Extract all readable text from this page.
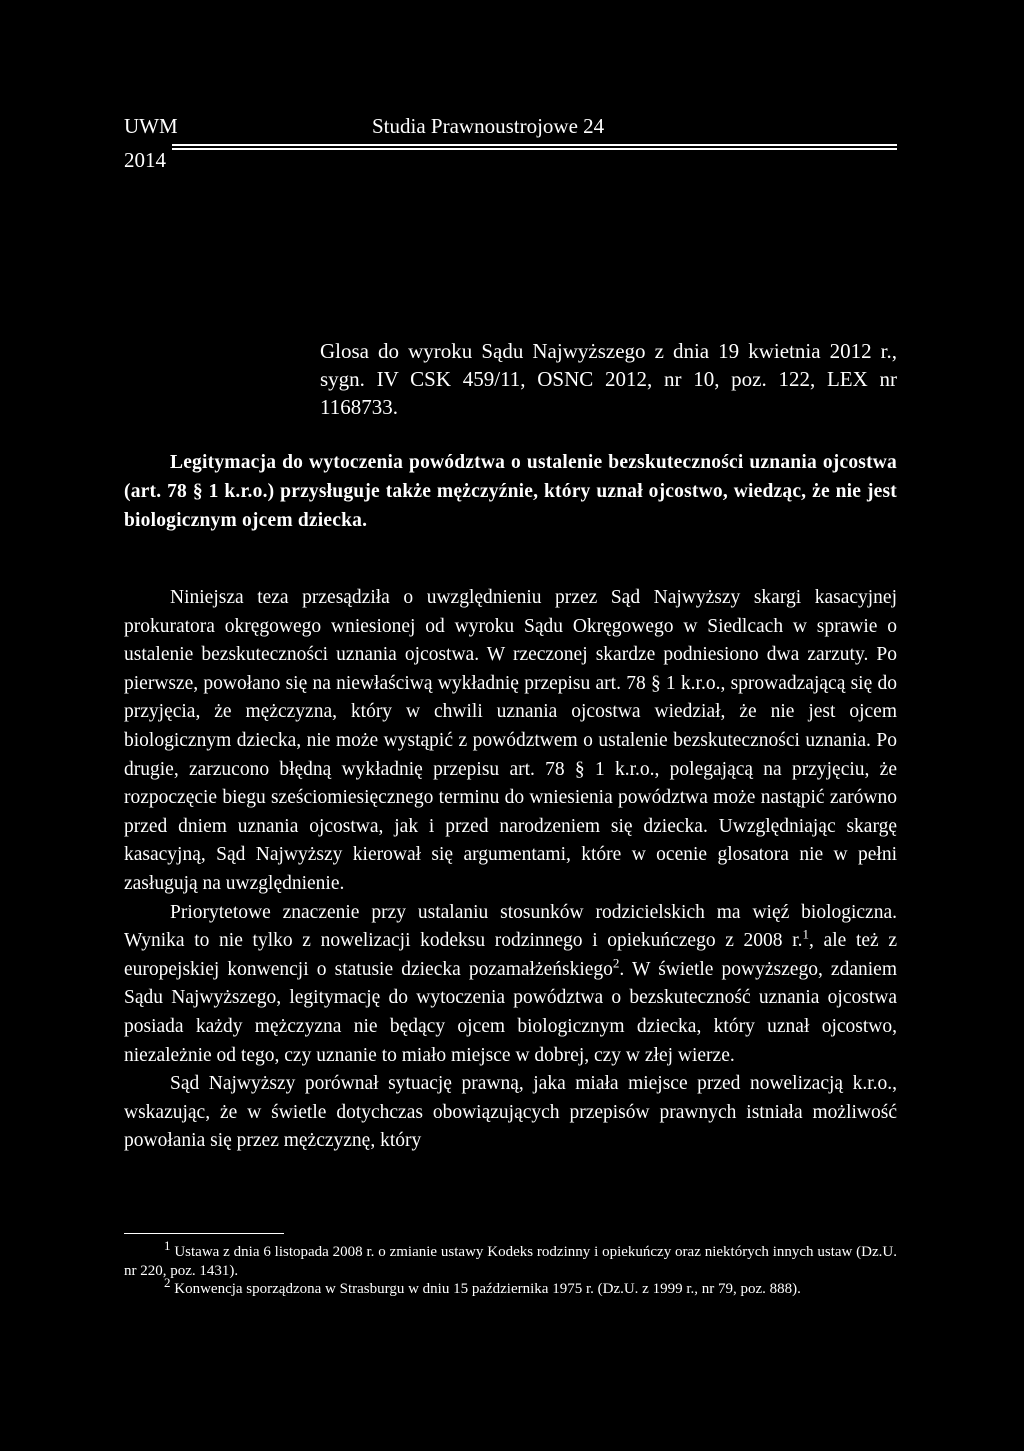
UWM	Studia Prawnoustrojowe 24
2014
Glosa do wyroku Sądu Najwyższego z dnia 19 kwietnia 2012 r., sygn. IV CSK 459/11, OSNC 2012, nr 10, poz. 122, LEX nr 1168733.
Legitymacja do wytoczenia powództwa o ustalenie bezskuteczności uznania ojcostwa (art. 78 § 1 k.r.o.) przysługuje także mężczyźnie, który uznał ojcostwo, wiedząc, że nie jest biologicznym ojcem dziecka.

Niniejsza teza przesądziła o uwzględnieniu przez Sąd Najwyższy skargi kasacyjnej prokuratora okręgowego wniesionej od wyroku Sądu Okręgowego w Siedlcach w sprawie o ustalenie bezskuteczności uznania ojcostwa. W rzeczonej skardze podniesiono dwa zarzuty. Po pierwsze, powołano się na niewłaściwą wykładnię przepisu art. 78 § 1 k.r.o., sprowadzającą się do przyjęcia, że mężczyzna, który w chwili uznania ojcostwa wiedział, że nie jest ojcem biologicznym dziecka, nie może wystąpić z powództwem o ustalenie bezskuteczności uznania. Po drugie, zarzucono błędną wykładnię przepisu art. 78 § 1 k.r.o., polegającą na przyjęciu, że rozpoczęcie biegu sześciomiesięcznego terminu do wniesienia powództwa może nastąpić zarówno przed dniem uznania ojcostwa, jak i przed narodzeniem się dziecka. Uwzględniając skargę kasacyjną, Sąd Najwyższy kierował się argumentami, które w ocenie glosatora nie w pełni zasługują na uwzględnienie.

Priorytetowe znaczenie przy ustalaniu stosunków rodzicielskich ma więź biologiczna. Wynika to nie tylko z nowelizacji kodeksu rodzinnego i opiekuńczego z 2008 r.$^1$, ale też z europejskiej konwencji o statusie dziecka pozamałżeńskiego$^2$. W świetle powyższego, zdaniem Sądu Najwyższego, legitymację do wytoczenia powództwa o bezskuteczność uznania ojcostwa posiada każdy mężczyzna nie będący ojcem biologicznym dziecka, który uznał ojcostwo, niezależnie od tego, czy uznanie to miało miejsce w dobrej, czy w złej wierze.

Sąd Najwyższy porównał sytuację prawną, jaka miała miejsce przed nowelizacją k.r.o., wskazując, że w świetle dotychczas obowiązujących przepisów prawnych istniała możliwość powołania się przez mężczyznę, który

$^1$ Ustawa z dnia 6 listopada 2008 r. o zmianie ustawy Kodeks rodzinny i opiekuńczy oraz niektórych innych ustaw (Dz.U. nr 220, poz. 1431).

$^2$ Konwencja sporządzona w Strasburgu w dniu 15 października 1975 r. (Dz.U. z 1999 r., nr 79, poz. 888).
